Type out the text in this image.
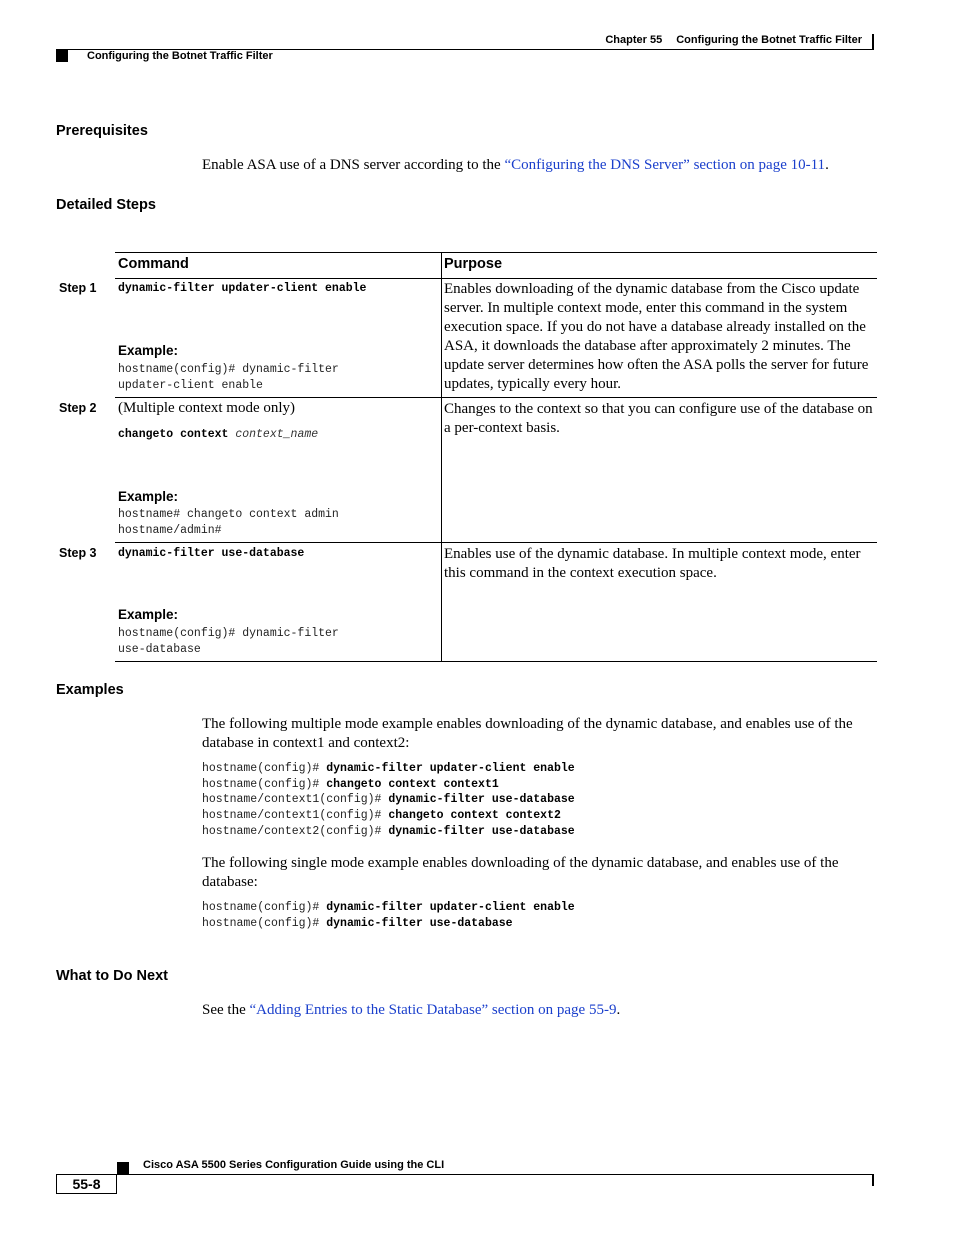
Chapter 55 Configuring the Botnet Traffic Filter
Configuring the Botnet Traffic Filter
Prerequisites
Enable ASA use of a DNS server according to the “Configuring the DNS Server” section on page 10-11.
Detailed Steps
Command	Purpose
Step 1 dynamic-filter updater-client enable
Example:
hostname(config)# dynamic-filter
updater-client enable
Enables downloading of the dynamic database from the Cisco update server. In multiple context mode, enter this command in the system execution space. If you do not have a database already installed on the ASA, it downloads the database after approximately 2 minutes. The update server determines how often the ASA polls the server for future updates, typically every hour.
Step 2 (Multiple context mode only)
changeto context context_name
Example:
hostname# changeto context admin
hostname/admin#
Changes to the context so that you can configure use of the database on a per-context basis.
Step 3 dynamic-filter use-database
Example:
hostname(config)# dynamic-filter
use-database
Enables use of the dynamic database. In multiple context mode, enter this command in the context execution space.
Examples
The following multiple mode example enables downloading of the dynamic database, and enables use of the database in context1 and context2:
hostname(config)# dynamic-filter updater-client enable
hostname(config)# changeto context context1
hostname/context1(config)# dynamic-filter use-database
hostname/context1(config)# changeto context context2
hostname/context2(config)# dynamic-filter use-database
The following single mode example enables downloading of the dynamic database, and enables use of the database:
hostname(config)# dynamic-filter updater-client enable
hostname(config)# dynamic-filter use-database
What to Do Next
See the “Adding Entries to the Static Database” section on page 55-9.
Cisco ASA 5500 Series Configuration Guide using the CLI
55-8
